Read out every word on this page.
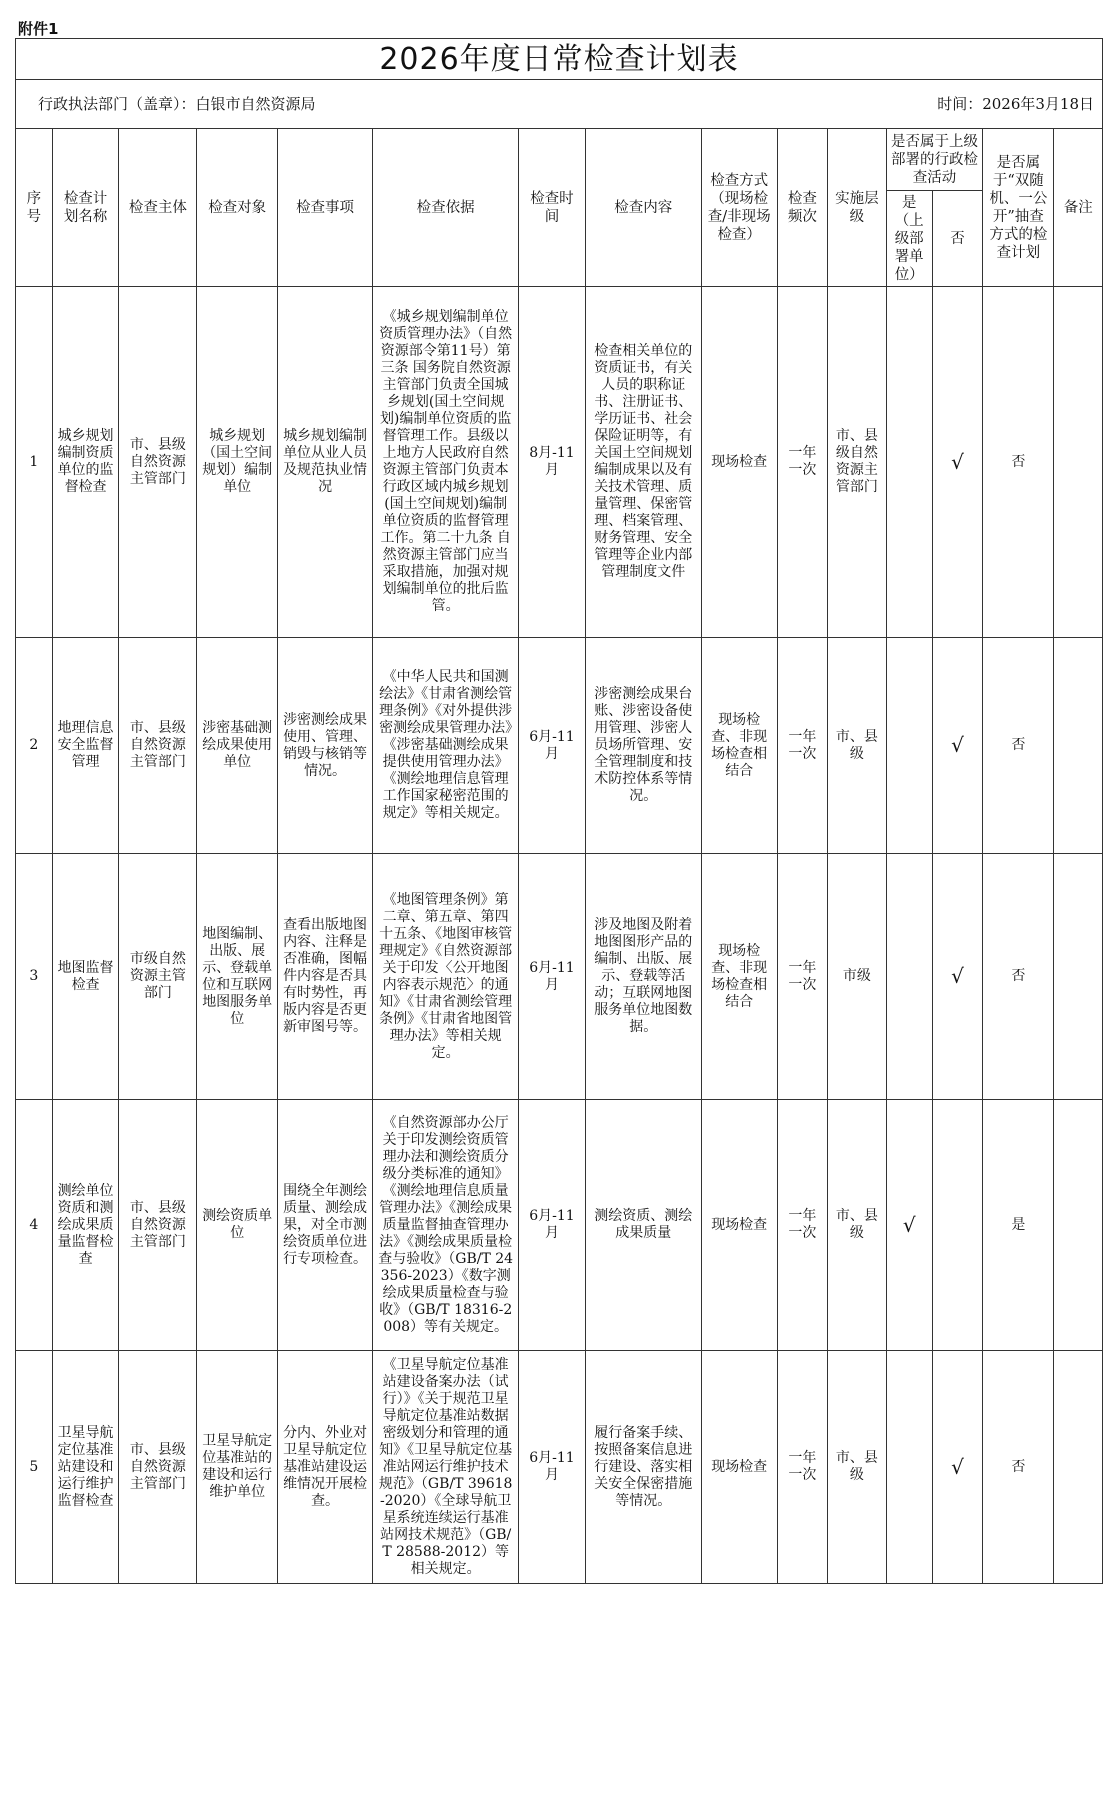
附件1
2026年度日常检查计划表														
行政执法部门（盖章）：白银市自然资源局										时间：2026年3月18日				
序号	检查计划名称	检查主体	检查对象	检查事项	检查依据	检查时间	检查内容	检查方式（现场检查/非现场检查）	检查频次	实施层级	是否属于上级部署的行政检查活动		是否属于“双随机、一公开”抽查方式的检查计划	备注
											是（上级部署单位）	否		
1	城乡规划编制资质单位的监督检查	市、县级自然资源主管部门	城乡规划（国土空间规划）编制单位	城乡规划编制单位从业人员及规范执业情况	《城乡规划编制单位资质管理办法》（自然资源部令第11号）第三条 国务院自然资源主管部门负责全国城乡规划(国土空间规划)编制单位资质的监督管理工作。县级以上地方人民政府自然资源主管部门负责本行政区域内城乡规划(国土空间规划)编制单位资质的监督管理工作。第二十九条 自然资源主管部门应当采取措施，加强对规划编制单位的批后监管。	8月-11月	检查相关单位的资质证书，有关人员的职称证书、注册证书、学历证书、社会保险证明等，有关国土空间规划编制成果以及有关技术管理、质量管理、保密管理、档案管理、财务管理、安全管理等企业内部管理制度文件	现场检查	一年一次	市、县级自然资源主管部门		√	否	
2	地理信息安全监督管理	市、县级自然资源主管部门	涉密基础测绘成果使用单位	涉密测绘成果使用、管理、销毁与核销等情况。	《中华人民共和国测绘法》《甘肃省测绘管理条例》《对外提供涉密测绘成果管理办法》《涉密基础测绘成果提供使用管理办法》《测绘地理信息管理工作国家秘密范围的规定》等相关规定。	6月-11月	涉密测绘成果台账、涉密设备使用管理、涉密人员场所管理、安全管理制度和技术防控体系等情况。	现场检查、非现场检查相结合	一年一次	市、县级		√	否	
3	地图监督检查	市级自然资源主管部门	地图编制、出版、展示、登载单位和互联网地图服务单位	查看出版地图内容、注释是否准确，图幅件内容是否具有时势性，再版内容是否更新审图号等。	《地图管理条例》第二章、第五章、第四十五条、《地图审核管理规定》《自然资源部关于印发〈公开地图内容表示规范〉的通知》《甘肃省测绘管理条例》《甘肃省地图管理办法》等相关规定。	6月-11月	涉及地图及附着地图图形产品的编制、出版、展示、登载等活动；互联网地图服务单位地图数据。	现场检查、非现场检查相结合	一年一次	市级		√	否	
4	测绘单位资质和测绘成果质量监督检查	市、县级自然资源主管部门	测绘资质单位	围绕全年测绘质量、测绘成果，对全市测绘资质单位进行专项检查。	《自然资源部办公厅关于印发测绘资质管理办法和测绘资质分级分类标准的通知》《测绘地理信息质量管理办法》《测绘成果质量监督抽查管理办法》《测绘成果质量检查与验收》（GB/T 24356-2023）《数字测绘成果质量检查与验收》（GB/T 18316-2008）等有关规定。	6月-11月	测绘资质、测绘成果质量	现场检查	一年一次	市、县级	√		是	
5	卫星导航定位基准站建设和运行维护监督检查	市、县级自然资源主管部门	卫星导航定位基准站的建设和运行维护单位	分内、外业对卫星导航定位基准站建设运维情况开展检查。	《卫星导航定位基准站建设备案办法（试行）》《关于规范卫星导航定位基准站数据密级划分和管理的通知》《卫星导航定位基准站网运行维护技术规范》（GB/T 39618-2020）《全球导航卫星系统连续运行基准站网技术规范》（GB/T 28588-2012）等相关规定。	6月-11月	履行备案手续、按照备案信息进行建设、落实相关安全保密措施等情况。	现场检查	一年一次	市、县级		√	否	
